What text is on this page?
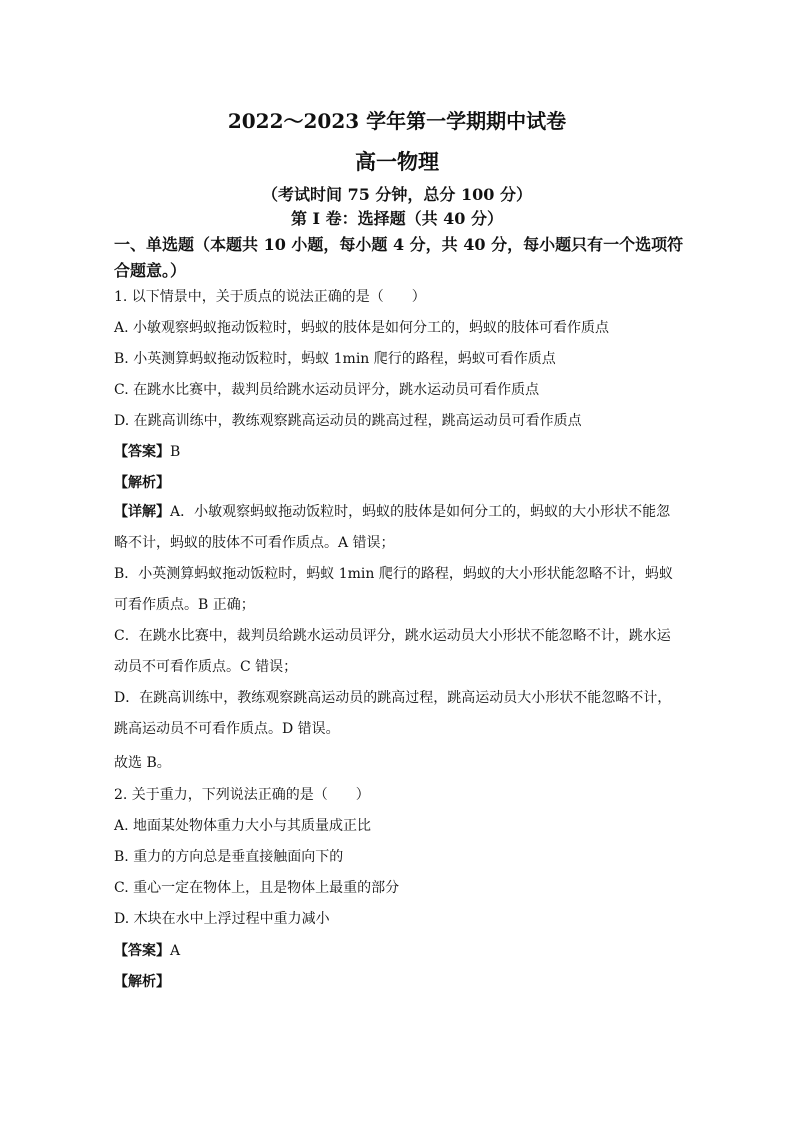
2022～2023 学年第一学期期中试卷
高一物理
（考试时间 75 分钟，总分 100 分）
第 I 卷：选择题（共 40 分）
一、单选题（本题共 10 小题，每小题 4 分，共 40 分，每小题只有一个选项符合题意。）
1. 以下情景中，关于质点的说法正确的是（　　）
A. 小敏观察蚂蚁拖动饭粒时，蚂蚁的肢体是如何分工的，蚂蚁的肢体可看作质点
B. 小英测算蚂蚁拖动饭粒时，蚂蚁 1min 爬行的路程，蚂蚁可看作质点
C. 在跳水比赛中，裁判员给跳水运动员评分，跳水运动员可看作质点
D. 在跳高训练中，教练观察跳高运动员的跳高过程，跳高运动员可看作质点
【答案】B
【解析】
【详解】A．小敏观察蚂蚁拖动饭粒时，蚂蚁的肢体是如何分工的，蚂蚁的大小形状不能忽略不计，蚂蚁的肢体不可看作质点。A 错误；
B．小英测算蚂蚁拖动饭粒时，蚂蚁 1min 爬行的路程，蚂蚁的大小形状能忽略不计，蚂蚁可看作质点。B 正确；
C．在跳水比赛中，裁判员给跳水运动员评分，跳水运动员大小形状不能忽略不计，跳水运动员不可看作质点。C 错误；
D．在跳高训练中，教练观察跳高运动员的跳高过程，跳高运动员大小形状不能忽略不计，跳高运动员不可看作质点。D 错误。
故选 B。
2. 关于重力，下列说法正确的是（　　）
A. 地面某处物体重力大小与其质量成正比
B. 重力的方向总是垂直接触面向下的
C. 重心一定在物体上，且是物体上最重的部分
D. 木块在水中上浮过程中重力减小
【答案】A
【解析】
